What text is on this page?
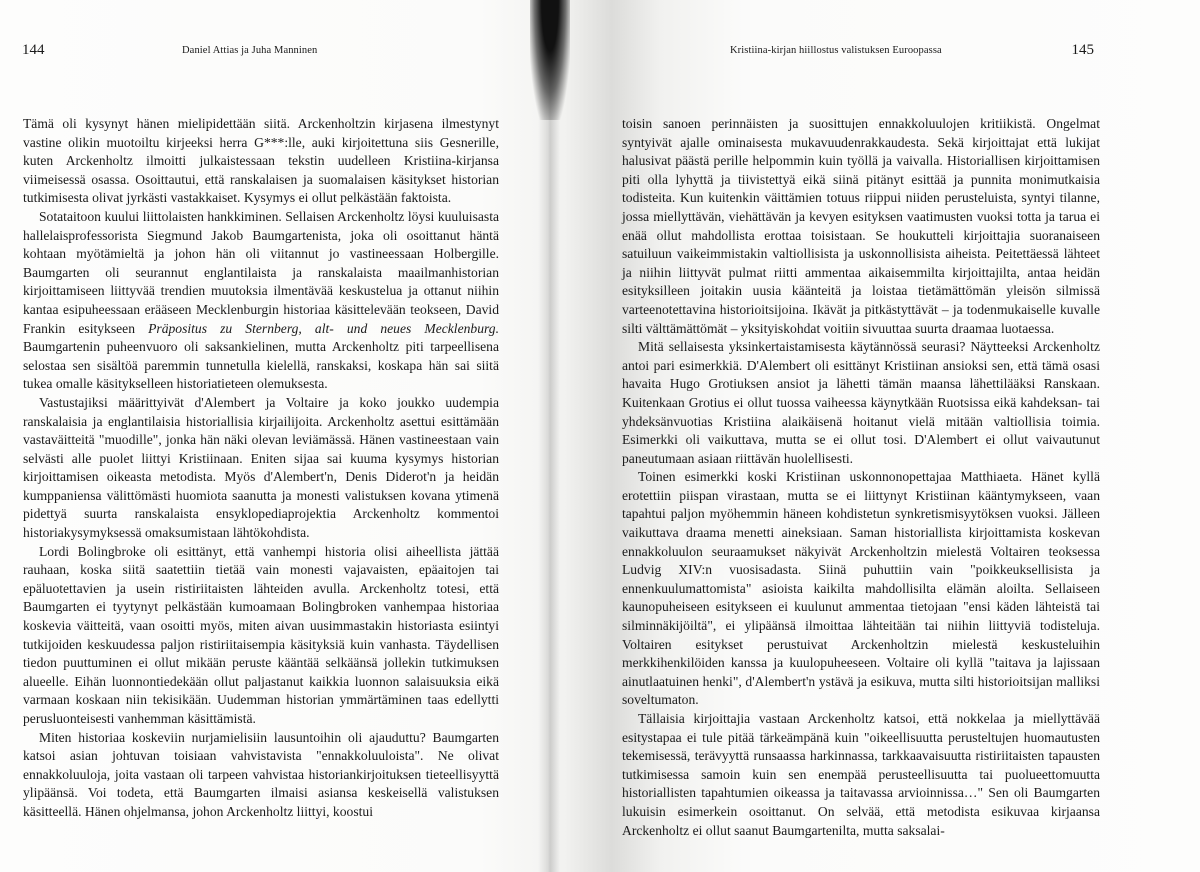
144	Daniel Attias ja Juha Manninen

Tämä oli kysynyt hänen mielipidettään siitä. Arckenholtzin kirjasena ilmestynyt vastine olikin muotoiltu kirjeeksi herra G***:lle, auki kirjoitettuna siis Gesnerille, kuten Arckenholtz ilmoitti julkaistessaan tekstin uudelleen Kristiina-kirjansa viimeisessä osassa. Osoittautui, että ranskalaisen ja suomalaisen käsitykset historian tutkimisesta olivat jyrkästi vastakkaiset. Kysymys ei ollut pelkästään faktoista.

Sotataitoon kuului liittolaisten hankkiminen. Sellaisen Arckenholtz löysi kuuluisasta hallelaisprofessorista Siegmund Jakob Baumgartenista, joka oli osoittanut häntä kohtaan myötämieltä ja johon hän oli viitannut jo vastineessaan Holbergille. Baumgarten oli seurannut englantilaista ja ranskalaista maailmanhistorian kirjoittamiseen liittyvää trendien muutoksia ilmentävää keskustelua ja ottanut niihin kantaa esipuheessaan erääseen Mecklenburgin historiaa käsittelevään teokseen, David Frankin esitykseen Präpositus zu Sternberg, alt- und neues Mecklenburg. Baumgartenin puheenvuoro oli saksankielinen, mutta Arckenholtz piti tarpeellisena selostaa sen sisältöä paremmin tunnetulla kielellä, ranskaksi, koskapa hän sai siitä tukea omalle käsitykselleen historiatieteen olemuksesta.

Vastustajiksi määrittyivät d'Alembert ja Voltaire ja koko joukko uudempia ranskalaisia ja englantilaisia historiallisia kirjailijoita. Arckenholtz asettui esittämään vastaväitteitä "muodille", jonka hän näki olevan leviämässä. Hänen vastineestaan vain selvästi alle puolet liittyi Kristiinaan. Eniten sijaa sai kuuma kysymys historian kirjoittamisen oikeasta metodista. Myös d'Alembert'n, Denis Diderot'n ja heidän kumppaniensa välittömästi huomiota saanutta ja monesti valistuksen kovana ytimenä pidettyä suurta ranskalaista ensyklopediaprojektia Arckenholtz kommentoi historiakysymyksessä omaksumistaan lähtökohdista.

Lordi Bolingbroke oli esittänyt, että vanhempi historia olisi aiheellista jättää rauhaan, koska siitä saatettiin tietää vain monesti vajavaisten, epäaitojen tai epäluotettavien ja usein ristiriitaisten lähteiden avulla. Arckenholtz totesi, että Baumgarten ei tyytynyt pelkästään kumoamaan Bolingbroken vanhempaa historiaa koskevia väitteitä, vaan osoitti myös, miten aivan uusimmastakin historiasta esiintyi tutkijoiden keskuudessa paljon ristiriitaisempia käsityksiä kuin vanhasta. Täydellisen tiedon puuttuminen ei ollut mikään peruste kääntää selkäänsä jollekin tutkimuksen alueelle. Eihän luonnontiedekään ollut paljastanut kaikkia luonnon salaisuuksia eikä varmaan koskaan niin tekisikään. Uudemman historian ymmärtäminen taas edellytti perusluonteisesti vanhemman käsittämistä.

Miten historiaa koskeviin nurjamielisiin lausuntoihin oli ajauduttu? Baumgarten katsoi asian johtuvan toisiaan vahvistavista "ennakkoluuloista". Ne olivat ennakkoluuloja, joita vastaan oli tarpeen vahvistaa historiankirjoituksen tieteellisyyttä ylipäänsä. Voi todeta, että Baumgarten ilmaisi asiansa keskeisellä valistuksen käsitteellä. Hänen ohjelmansa, johon Arckenholtz liittyi, koostui

Kristiina-kirjan hiillostus valistuksen Euroopassa	145

toisin sanoen perinnäisten ja suosittujen ennakkoluulojen kritiikistä. Ongelmat syntyivät ajalle ominaisesta mukavuudenrakkaudesta. Sekä kirjoittajat että lukijat halusivat päästä perille helpommin kuin työllä ja vaivalla. Historiallisen kirjoittamisen piti olla lyhyttä ja tiivistettyä eikä siinä pitänyt esittää ja punnita monimutkaisia todisteita. Kun kuitenkin väittämien totuus riippui niiden perusteluista, syntyi tilanne, jossa miellyttävän, viehättävän ja kevyen esityksen vaatimusten vuoksi totta ja tarua ei enää ollut mahdollista erottaa toisistaan. Se houkutteli kirjoittajia suoranaiseen satuiluun vaikeimmistakin valtiollisista ja uskonnollisista aiheista. Peitettäessä lähteet ja niihin liittyvät pulmat riitti ammentaa aikaisemmilta kirjoittajilta, antaa heidän esityksilleen joitakin uusia käänteitä ja loistaa tietämättömän yleisön silmissä varteenotettavina historioitsijoina. Ikävät ja pitkästyttävät – ja todenmukaiselle kuvalle silti välttämättömät – yksityiskohdat voitiin sivuuttaa suurta draamaa luotaessa.

Mitä sellaisesta yksinkertaistamisesta käytännössä seurasi? Näytteeksi Arckenholtz antoi pari esimerkkiä. D'Alembert oli esittänyt Kristiinan ansioksi sen, että tämä osasi havaita Hugo Grotiuksen ansiot ja lähetti tämän maansa lähettilääksi Ranskaan. Kuitenkaan Grotius ei ollut tuossa vaiheessa käynytkään Ruotsissa eikä kahdeksan- tai yhdeksänvuotias Kristiina alaikäisenä hoitanut vielä mitään valtiollisia toimia. Esimerkki oli vaikuttava, mutta se ei ollut tosi. D'Alembert ei ollut vaivautunut paneutumaan asiaan riittävän huolellisesti.

Toinen esimerkki koski Kristiinan uskonnonopettajaa Matthiaeta. Hänet kyllä erotettiin piispan virastaan, mutta se ei liittynyt Kristiinan kääntymykseen, vaan tapahtui paljon myöhemmin häneen kohdistetun synkretismisyytöksen vuoksi. Jälleen vaikuttava draama menetti aineksiaan. Saman historiallista kirjoittamista koskevan ennakkoluulon seuraamukset näkyivät Arckenholtzin mielestä Voltairen teoksessa Ludvig XIV:n vuosisadasta. Siinä puhuttiin vain "poikkeuksellisista ja ennenkuulumattomista" asioista kaikilta mahdollisilta elämän aloilta. Sellaiseen kaunopuheiseen esitykseen ei kuulunut ammentaa tietojaan "ensi käden lähteistä tai silminnäkijöiltä", ei ylipäänsä ilmoittaa lähteitään tai niihin liittyviä todisteluja. Voltairen esitykset perustuivat Arckenholtzin mielestä keskusteluihin merkkihenkilöiden kanssa ja kuulopuheeseen. Voltaire oli kyllä "taitava ja lajissaan ainutlaatuinen henki", d'Alembert'n ystävä ja esikuva, mutta silti historioitsijan malliksi soveltumaton.

Tällaisia kirjoittajia vastaan Arckenholtz katsoi, että nokkelaa ja miellyttävää esitystapaa ei tule pitää tärkeämpänä kuin "oikeellisuutta perusteltujen huomautusten tekemisessä, terävyyttä runsaassa harkinnassa, tarkkaavaisuutta ristiriitaisten tapausten tutkimisessa samoin kuin sen enempää perusteellisuutta tai puolueettomuutta historiallisten tapahtumien oikeassa ja taitavassa arvioinnissa…" Sen oli Baumgarten lukuisin esimerkein osoittanut. On selvää, että metodista esikuvaa kirjaansa Arckenholtz ei ollut saanut Baumgartenilta, mutta saksalai-
